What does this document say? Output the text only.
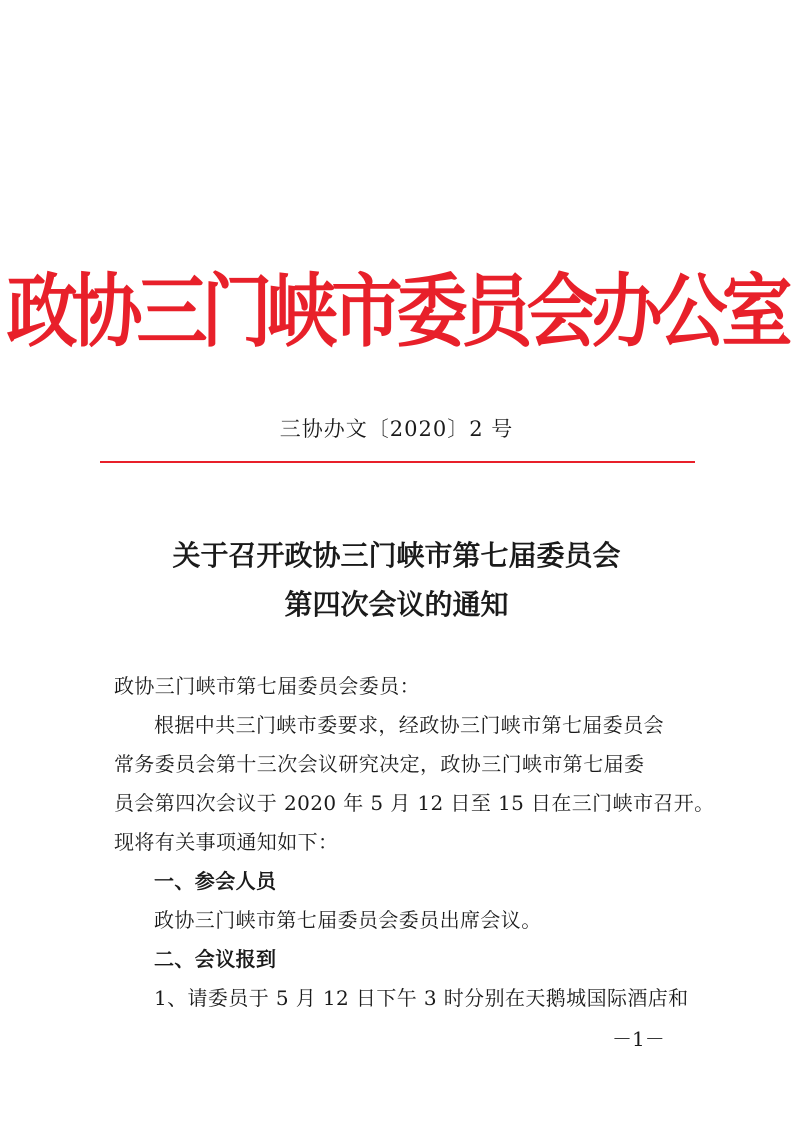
政协三门峡市委员会办公室
三协办文〔2020〕2 号
关于召开政协三门峡市第七届委员会
第四次会议的通知
政协三门峡市第七届委员会委员：
根据中共三门峡市委要求，经政协三门峡市第七届委员会
常务委员会第十三次会议研究决定，政协三门峡市第七届委
员会第四次会议于 2020 年 5 月 12 日至 15 日在三门峡市召开。
现将有关事项通知如下：
一、参会人员
政协三门峡市第七届委员会委员出席会议。
二、会议报到
1、请委员于 5 月 12 日下午 3 时分别在天鹅城国际酒店和
－1－
